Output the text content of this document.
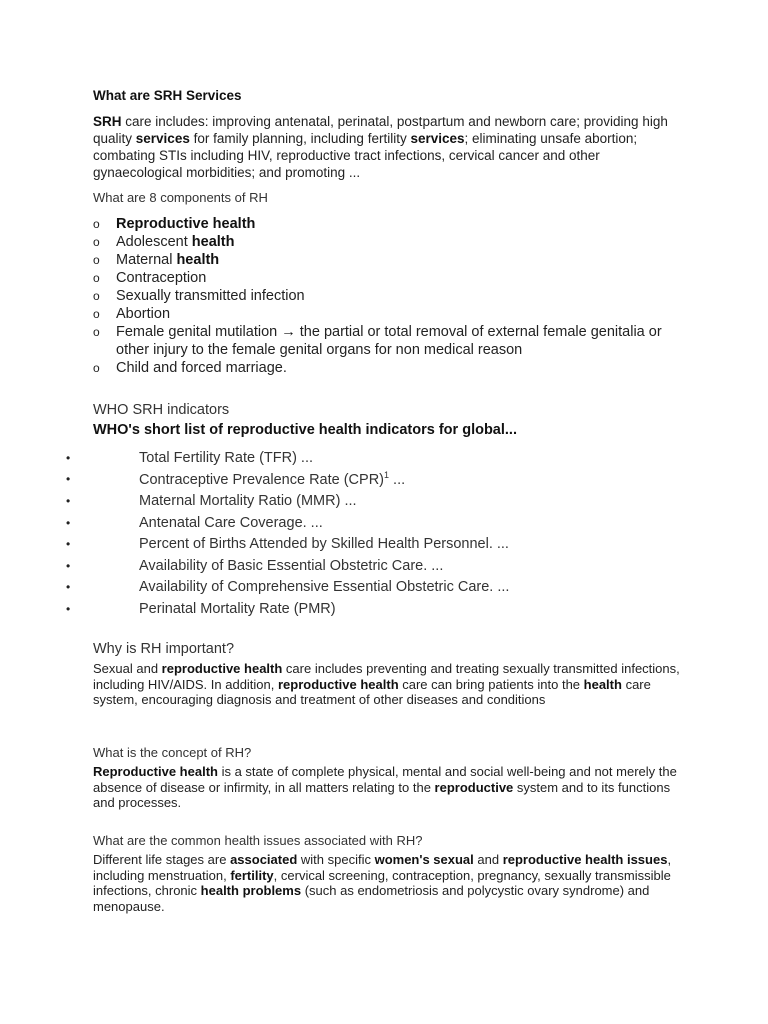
What are SRH Services
SRH care includes: improving antenatal, perinatal, postpartum and newborn care; providing high quality services for family planning, including fertility services; eliminating unsafe abortion; combating STIs including HIV, reproductive tract infections, cervical cancer and other gynaecological morbidities; and promoting ...
What are 8 components of RH
o	Reproductive health
o	Adolescent health
o	Maternal health
o	Contraception
o	Sexually transmitted infection
o	Abortion
o	Female genital mutilation → the partial or total removal of external female genitalia or other injury to the female genital organs for non medical reason
o	Child and forced marriage.
WHO SRH indicators
WHO's short list of reproductive health indicators for global...
•	Total Fertility Rate (TFR) ...
•	Contraceptive Prevalence Rate (CPR)$^1$ ...
•	Maternal Mortality Ratio (MMR) ...
•	Antenatal Care Coverage. ...
•	Percent of Births Attended by Skilled Health Personnel. ...
•	Availability of Basic Essential Obstetric Care. ...
•	Availability of Comprehensive Essential Obstetric Care. ...
•	Perinatal Mortality Rate (PMR)
Why is RH important?
Sexual and reproductive health care includes preventing and treating sexually transmitted infections, including HIV/AIDS. In addition, reproductive health care can bring patients into the health care system, encouraging diagnosis and treatment of other diseases and conditions
What is the concept of RH?
Reproductive health is a state of complete physical, mental and social well-being and not merely the absence of disease or infirmity, in all matters relating to the reproductive system and to its functions and processes.
What are the common health issues associated with RH?
Different life stages are associated with specific women's sexual and reproductive health issues, including menstruation, fertility, cervical screening, contraception, pregnancy, sexually transmissible infections, chronic health problems (such as endometriosis and polycystic ovary syndrome) and menopause.
